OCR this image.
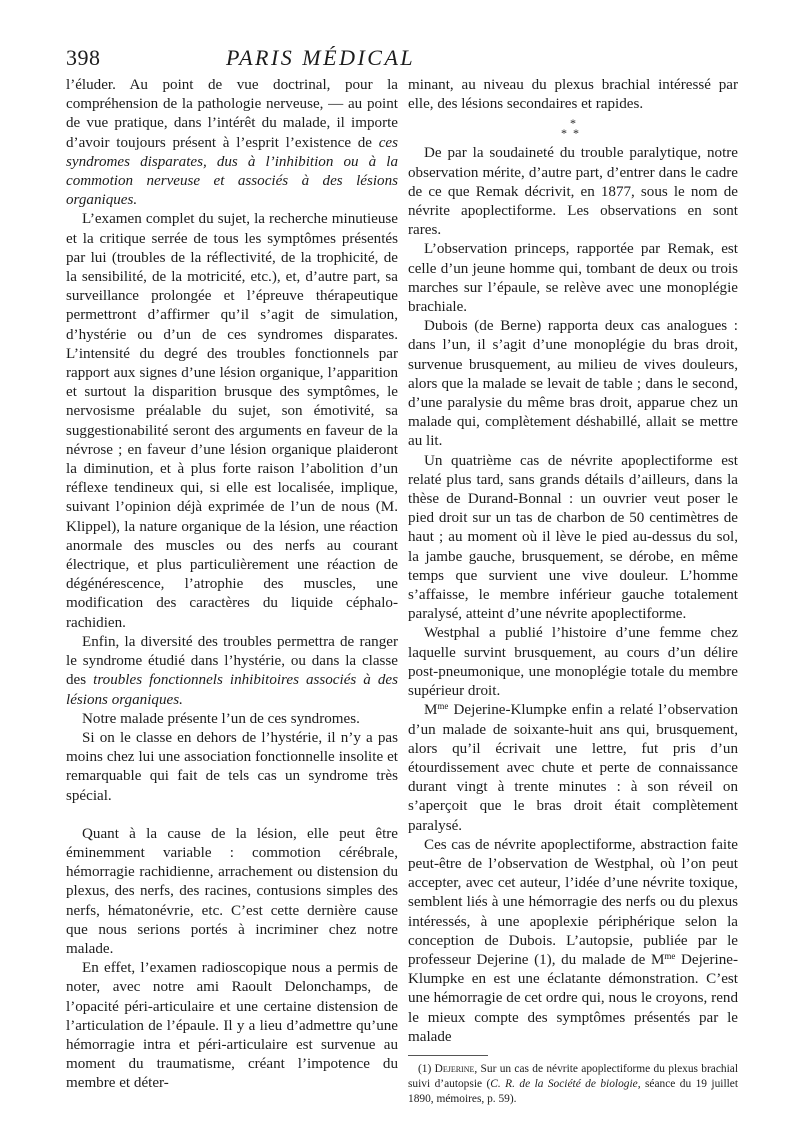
398	PARIS MÉDICAL

l’éluder. Au point de vue doctrinal, pour la compréhension de la pathologie nerveuse, — au point de vue pratique, dans l’intérêt du malade, il importe d’avoir toujours présent à l’esprit l’existence de ces syndromes disparates, dus à l’inhibition ou à la commotion nerveuse et associés à des lésions organiques.

L’examen complet du sujet, la recherche minutieuse et la critique serrée de tous les symptômes présentés par lui (troubles de la réflectivité, de la trophicité, de la sensibilité, de la motricité, etc.), et, d’autre part, sa surveillance prolongée et l’épreuve thérapeutique permettront d’affirmer qu’il s’agit de simulation, d’hystérie ou d’un de ces syndromes disparates. L’intensité du degré des troubles fonctionnels par rapport aux signes d’une lésion organique, l’apparition et surtout la disparition brusque des symptômes, le nervosisme préalable du sujet, son émotivité, sa suggestionabilité seront des arguments en faveur de la névrose ; en faveur d’une lésion organique plaideront la diminution, et à plus forte raison l’abolition d’un réflexe tendineux qui, si elle est localisée, implique, suivant l’opinion déjà exprimée de l’un de nous (M. Klippel), la nature organique de la lésion, une réaction anormale des muscles ou des nerfs au courant électrique, et plus particulièrement une réaction de dégénérescence, l’atrophie des muscles, une modification des caractères du liquide céphalo-rachidien.

Enfin, la diversité des troubles permettra de ranger le syndrome étudié dans l’hystérie, ou dans la classe des troubles fonctionnels inhibitoires associés à des lésions organiques.

Notre malade présente l’un de ces syndromes.

Si on le classe en dehors de l’hystérie, il n’y a pas moins chez lui une association fonctionnelle insolite et remarquable qui fait de tels cas un syndrome très spécial.

Quant à la cause de la lésion, elle peut être éminemment variable : commotion cérébrale, hémorragie rachidienne, arrachement ou distension du plexus, des nerfs, des racines, contusions simples des nerfs, hématonévrie, etc. C’est cette dernière cause que nous serions portés à incriminer chez notre malade.

En effet, l’examen radioscopique nous a permis de noter, avec notre ami Raoult Delonchamps, de l’opacité péri-articulaire et une certaine distension de l’articulation de l’épaule. Il y a lieu d’admettre qu’une hémorragie intra et péri-articulaire est survenue au moment du traumatisme, créant l’impotence du membre et déter-

minant, au niveau du plexus brachial intéressé par elle, des lésions secondaires et rapides.

*
**

De par la soudaineté du trouble paralytique, notre observation mérite, d’autre part, d’entrer dans le cadre de ce que Remak décrivit, en 1877, sous le nom de névrite apoplectiforme. Les observations en sont rares.

L’observation princeps, rapportée par Remak, est celle d’un jeune homme qui, tombant de deux ou trois marches sur l’épaule, se relève avec une monoplégie brachiale.

Dubois (de Berne) rapporta deux cas analogues : dans l’un, il s’agit d’une monoplégie du bras droit, survenue brusquement, au milieu de vives douleurs, alors que la malade se levait de table ; dans le second, d’une paralysie du même bras droit, apparue chez un malade qui, complètement déshabillé, allait se mettre au lit.

Un quatrième cas de névrite apoplectiforme est relaté plus tard, sans grands détails d’ailleurs, dans la thèse de Durand-Bonnal : un ouvrier veut poser le pied droit sur un tas de charbon de 50 centimètres de haut ; au moment où il lève le pied au-dessus du sol, la jambe gauche, brusquement, se dérobe, en même temps que survient une vive douleur. L’homme s’affaisse, le membre inférieur gauche totalement paralysé, atteint d’une névrite apoplectiforme.

Westphal a publié l’histoire d’une femme chez laquelle survint brusquement, au cours d’un délire post-pneumonique, une monoplégie totale du membre supérieur droit.

$M^{me}$ Dejerine-Klumpke enfin a relaté l’observation d’un malade de soixante-huit ans qui, brusquement, alors qu’il écrivait une lettre, fut pris d’un étourdissement avec chute et perte de connaissance durant vingt à trente minutes : à son réveil on s’aperçoit que le bras droit était complètement paralysé.

Ces cas de névrite apoplectiforme, abstraction faite peut-être de l’observation de Westphal, où l’on peut accepter, avec cet auteur, l’idée d’une névrite toxique, semblent liés à une hémorragie des nerfs ou du plexus intéressés, à une apoplexie périphérique selon la conception de Dubois. L’autopsie, publiée par le professeur Dejerine (1), du malade de $M^{me}$ Dejerine-Klumpke en est une éclatante démonstration. C’est une hémorragie de cet ordre qui, nous le croyons, rend le mieux compte des symptômes présentés par le malade

(1) Dejerine, Sur un cas de névrite apoplectiforme du plexus brachial suivi d’autopsie (C. R. de la Société de biologie, séance du 19 juillet 1890, mémoires, p. 59).
